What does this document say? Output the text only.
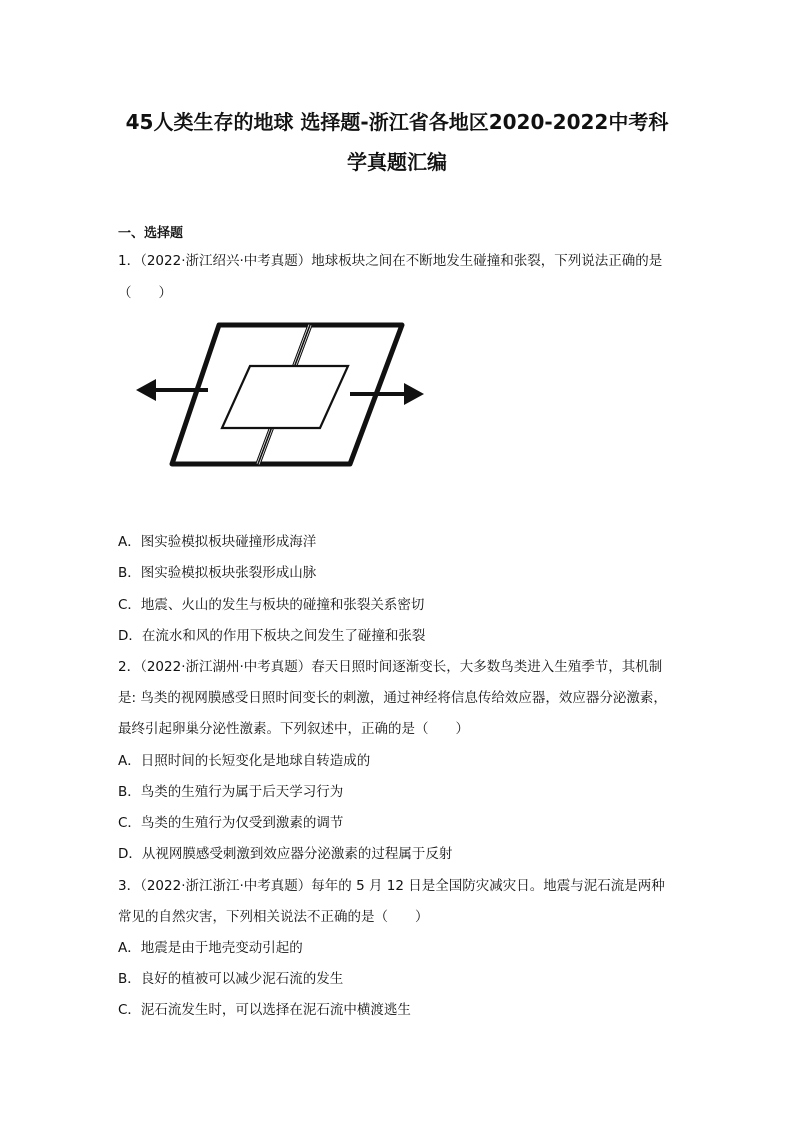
45人类生存的地球 选择题-浙江省各地区2020-2022中考科
学真题汇编
一、选择题
1．（2022·浙江绍兴·中考真题）地球板块之间在不断地发生碰撞和张裂，下列说法正确的是
（　　）
A．图实验模拟板块碰撞形成海洋
B．图实验模拟板块张裂形成山脉
C．地震、火山的发生与板块的碰撞和张裂关系密切
D．在流水和风的作用下板块之间发生了碰撞和张裂
2．（2022·浙江湖州·中考真题）春天日照时间逐渐变长，大多数鸟类进入生殖季节，其机制
是: 鸟类的视网膜感受日照时间变长的刺激，通过神经将信息传给效应器，效应器分泌激素，
最终引起卵巢分泌性激素。下列叙述中，正确的是（　　）
A．日照时间的长短变化是地球自转造成的
B．鸟类的生殖行为属于后天学习行为
C．鸟类的生殖行为仅受到激素的调节
D．从视网膜感受刺激到效应器分泌激素的过程属于反射
3．（2022·浙江浙江·中考真题）每年的 5 月 12 日是全国防灾减灾日。地震与泥石流是两种
常见的自然灾害，下列相关说法不正确的是（　　）
A．地震是由于地壳变动引起的
B．良好的植被可以减少泥石流的发生
C．泥石流发生时，可以选择在泥石流中横渡逃生
